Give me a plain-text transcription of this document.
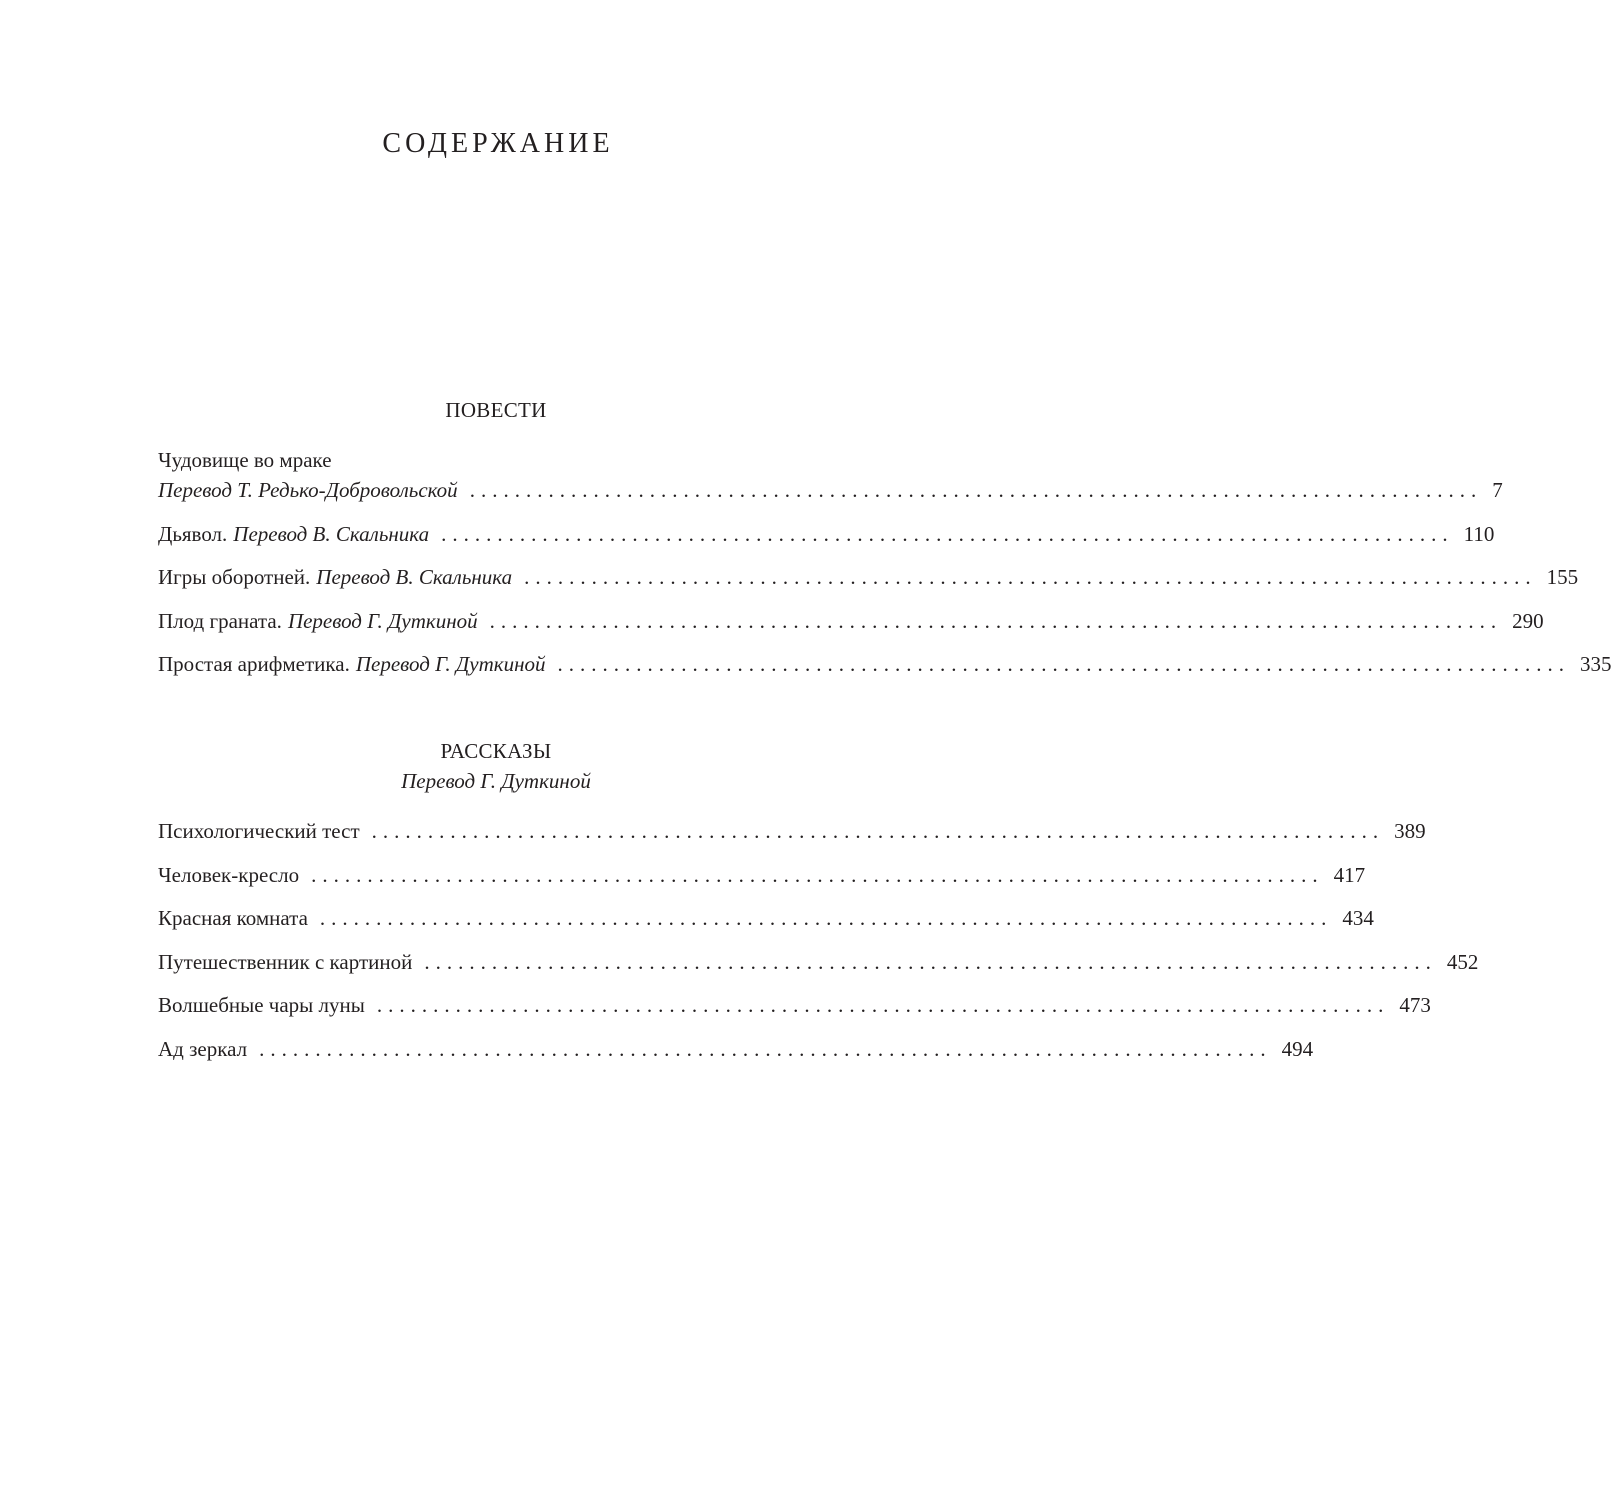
СОДЕРЖАНИЕ
ПОВЕСТИ
Чудовище во мраке
Перевод Т. Редько-Добровольской .......................................................................................... 7
Дьявол. Перевод В. Скальника .......................................................................................... 110
Игры оборотней. Перевод В. Скальника .......................................................................................... 155
Плод граната. Перевод Г. Дуткиной .......................................................................................... 290
Простая арифметика. Перевод Г. Дуткиной .......................................................................................... 335
РАССКАЗЫ
Перевод Г. Дуткиной
Психологический тест .......................................................................................... 389
Человек-кресло .......................................................................................... 417
Красная комната .......................................................................................... 434
Путешественник с картиной .......................................................................................... 452
Волшебные чары луны .......................................................................................... 473
Ад зеркал .......................................................................................... 494
